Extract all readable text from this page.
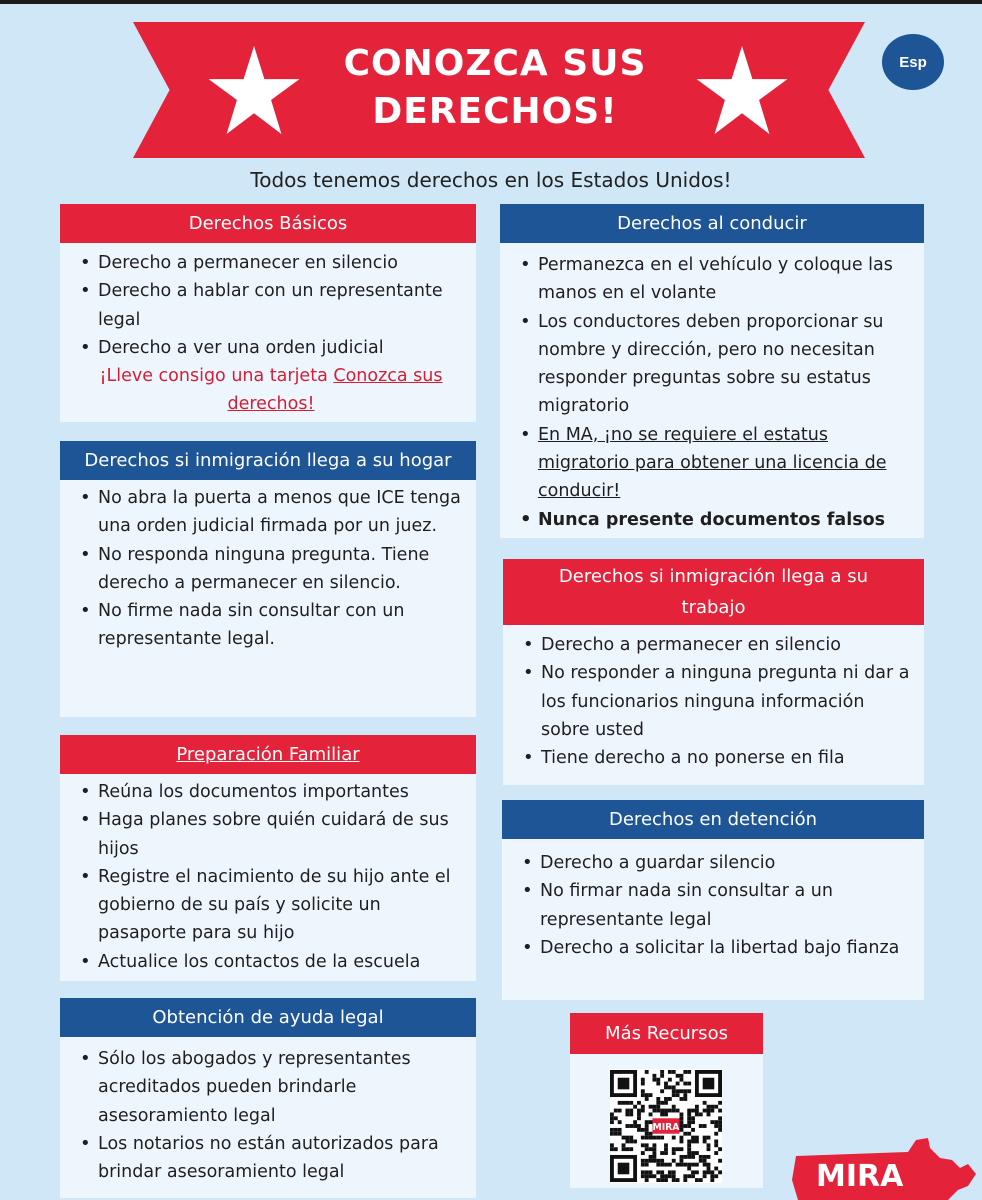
CONOZCA SUS
DERECHOS!
Esp
Todos tenemos derechos en los Estados Unidos!
Derechos Básicos
• Derecho a permanecer en silencio
• Derecho a hablar con un representante legal
• Derecho a ver una orden judicial
¡Lleve consigo una tarjeta Conozca sus derechos!
Derechos al conducir
• Permanezca en el vehículo y coloque las manos en el volante
• Los conductores deben proporcionar su nombre y dirección, pero no necesitan responder preguntas sobre su estatus migratorio
• En MA, ¡no se requiere el estatus migratorio para obtener una licencia de conducir!
• Nunca presente documentos falsos
Derechos si inmigración llega a su hogar
• No abra la puerta a menos que ICE tenga una orden judicial firmada por un juez.
• No responda ninguna pregunta. Tiene derecho a permanecer en silencio.
• No firme nada sin consultar con un representante legal.
Derechos si inmigración llega a su trabajo
• Derecho a permanecer en silencio
• No responder a ninguna pregunta ni dar a los funcionarios ninguna información sobre usted
• Tiene derecho a no ponerse en fila
Preparación Familiar
• Reúna los documentos importantes
• Haga planes sobre quién cuidará de sus hijos
• Registre el nacimiento de su hijo ante el gobierno de su país y solicite un pasaporte para su hijo
• Actualice los contactos de la escuela
Derechos en detención
• Derecho a guardar silencio
• No firmar nada sin consultar a un representante legal
• Derecho a solicitar la libertad bajo fianza
Obtención de ayuda legal
• Sólo los abogados y representantes acreditados pueden brindarle asesoramiento legal
• Los notarios no están autorizados para brindar asesoramiento legal
Más Recursos
MIRA
MIRA
